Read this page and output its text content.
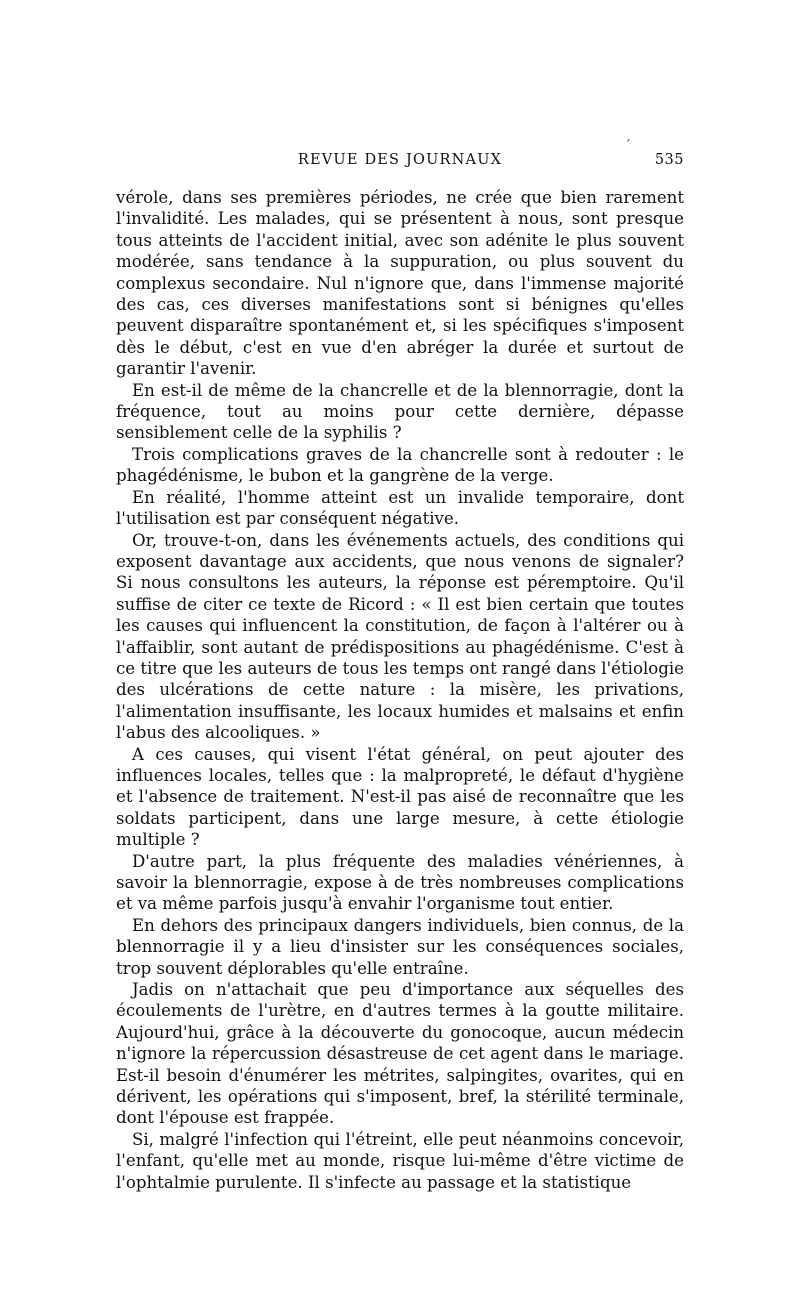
´
REVUE DES JOURNAUX	535

vérole, dans ses premières périodes, ne crée que bien rarement l'invalidité. Les malades, qui se présentent à nous, sont presque tous atteints de l'accident initial, avec son adénite le plus souvent modérée, sans tendance à la suppuration, ou plus souvent du complexus secondaire. Nul n'ignore que, dans l'immense majorité des cas, ces diverses manifestations sont si bénignes qu'elles peuvent disparaître spontanément et, si les spécifiques s'imposent dès le début, c'est en vue d'en abréger la durée et surtout de garantir l'avenir.

En est-il de même de la chancrelle et de la blennorragie, dont la fréquence, tout au moins pour cette dernière, dépasse sensiblement celle de la syphilis ?

Trois complications graves de la chancrelle sont à redouter : le phagédénisme, le bubon et la gangrène de la verge.

En réalité, l'homme atteint est un invalide temporaire, dont l'utilisation est par conséquent négative.

Or, trouve-t-on, dans les événements actuels, des conditions qui exposent davantage aux accidents, que nous venons de signaler? Si nous consultons les auteurs, la réponse est péremptoire. Qu'il suffise de citer ce texte de Ricord : « Il est bien certain que toutes les causes qui influencent la constitution, de façon à l'altérer ou à l'affaiblir, sont autant de prédispositions au phagédénisme. C'est à ce titre que les auteurs de tous les temps ont rangé dans l'étiologie des ulcérations de cette nature : la misère, les privations, l'alimentation insuffisante, les locaux humides et malsains et enfin l'abus des alcooliques. »

A ces causes, qui visent l'état général, on peut ajouter des influences locales, telles que : la malpropreté, le défaut d'hygiène et l'absence de traitement. N'est-il pas aisé de reconnaître que les soldats participent, dans une large mesure, à cette étiologie multiple ?

D'autre part, la plus fréquente des maladies vénériennes, à savoir la blennorragie, expose à de très nombreuses complications et va même parfois jusqu'à envahir l'organisme tout entier.

En dehors des principaux dangers individuels, bien connus, de la blennorragie il y a lieu d'insister sur les conséquences sociales, trop souvent déplorables qu'elle entraîne.

Jadis on n'attachait que peu d'importance aux séquelles des écoulements de l'urètre, en d'autres termes à la goutte militaire. Aujourd'hui, grâce à la découverte du gonocoque, aucun médecin n'ignore la répercussion désastreuse de cet agent dans le mariage. Est-il besoin d'énumérer les métrites, salpingites, ovarites, qui en dérivent, les opérations qui s'imposent, bref, la stérilité terminale, dont l'épouse est frappée.

Si, malgré l'infection qui l'étreint, elle peut néanmoins concevoir, l'enfant, qu'elle met au monde, risque lui-même d'être victime de l'ophtalmie purulente. Il s'infecte au passage et la statistique
